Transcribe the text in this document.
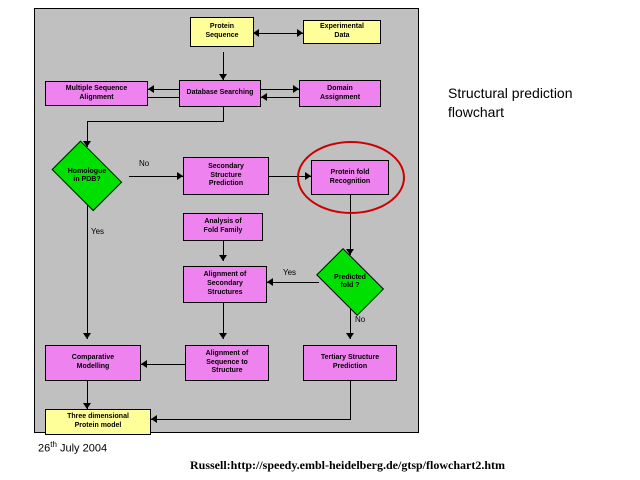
Protein
Sequence
Experimental
Data
Multiple Sequence
Alignment
Database Searching
Domain
Assignment
Homologue
in PDB?
Secondary
Structure
Prediction
Protein fold
Recognition
Analysis of
Fold Family
Alignment of
Secondary
Structures
Predicted
fold ?
Comparative
Modelling
Alignment of
Sequence to
Structure
Tertiary Structure
Prediction
Three dimensional
Protein model
No
Yes
Yes
No
Structural prediction
flowchart
26th July 2004
Russell:http://speedy.embl-heidelberg.de/gtsp/flowchart2.htm
